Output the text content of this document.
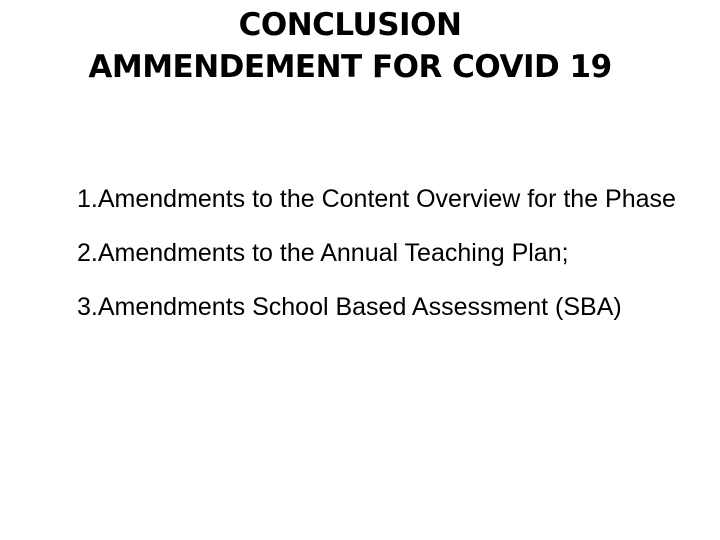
CONCLUSION
AMMENDEMENT FOR COVID 19

1.Amendments to the Content Overview for the Phase

2.Amendments to the Annual Teaching Plan;

3.Amendments School Based Assessment (SBA)
